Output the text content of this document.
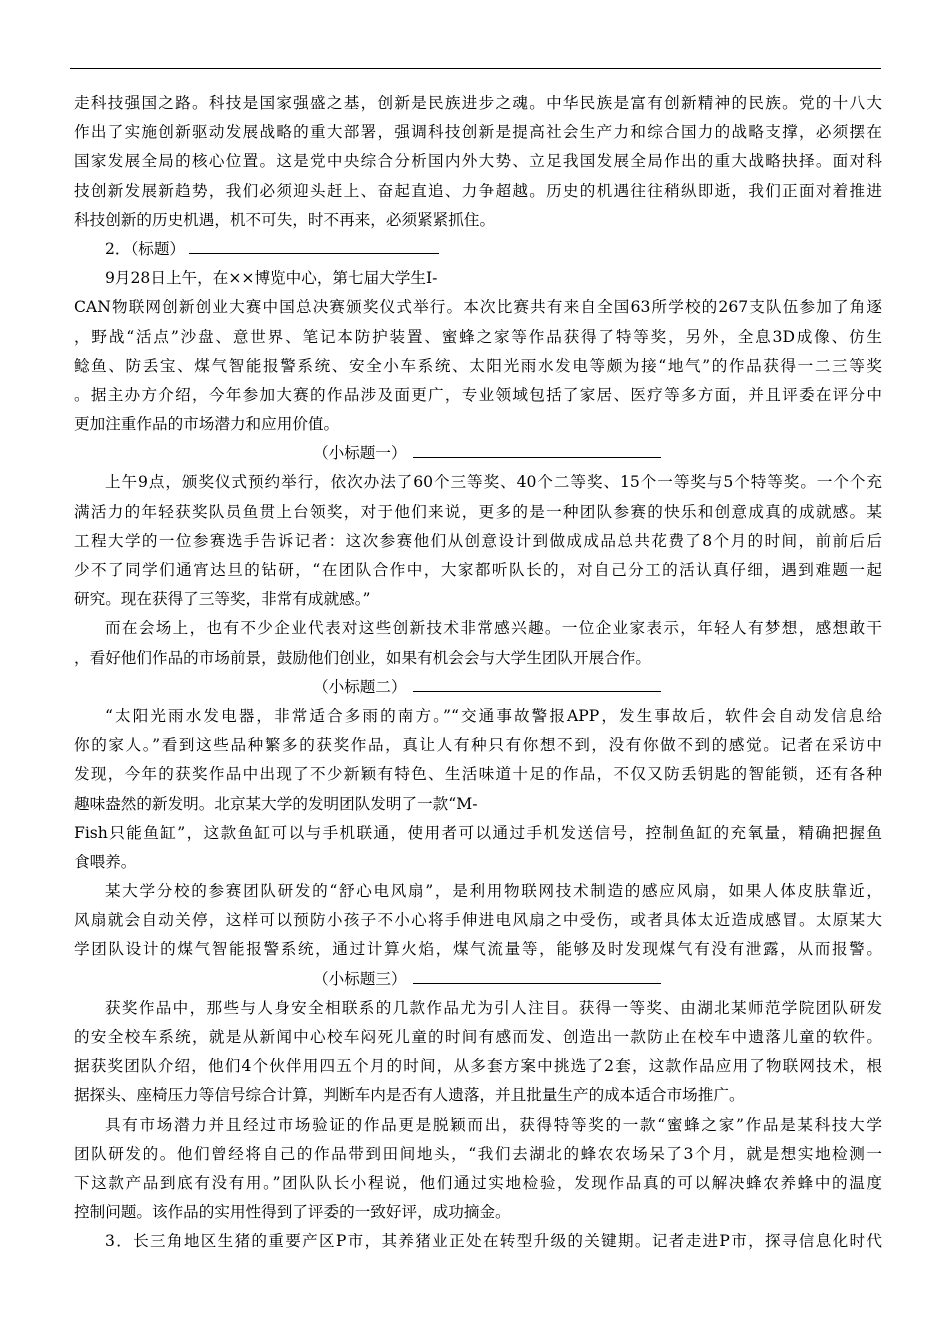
走科技强国之路。科技是国家强盛之基，创新是民族进步之魂。中华民族是富有创新精神的民族。党的十八大
作出了实施创新驱动发展战略的重大部署，强调科技创新是提高社会生产力和综合国力的战略支撑，必须摆在
国家发展全局的核心位置。这是党中央综合分析国内外大势、立足我国发展全局作出的重大战略抉择。面对科
技创新发展新趋势，我们必须迎头赶上、奋起直追、力争超越。历史的机遇往往稍纵即逝，我们正面对着推进
科技创新的历史机遇，机不可失，时不再来，必须紧紧抓住。
2．（标题）
9月28日上午，在××博览中心，第七届大学生I-
CAN物联网创新创业大赛中国总决赛颁奖仪式举行。本次比赛共有来自全国63所学校的267支队伍参加了角逐
，野战“活点”沙盘、意世界、笔记本防护装置、蜜蜂之家等作品获得了特等奖，另外，全息3D成像、仿生
鲶鱼、防丢宝、煤气智能报警系统、安全小车系统、太阳光雨水发电等颇为接“地气”的作品获得一二三等奖
。据主办方介绍，今年参加大赛的作品涉及面更广，专业领域包括了家居、医疗等多方面，并且评委在评分中
更加注重作品的市场潜力和应用价值。
（小标题一）
上午9点，颁奖仪式预约举行，依次办法了60个三等奖、40个二等奖、15个一等奖与5个特等奖。一个个充
满活力的年轻获奖队员鱼贯上台领奖，对于他们来说，更多的是一种团队参赛的快乐和创意成真的成就感。某
工程大学的一位参赛选手告诉记者：这次参赛他们从创意设计到做成成品总共花费了8个月的时间，前前后后
少不了同学们通宵达旦的钻研，“在团队合作中，大家都听队长的，对自己分工的活认真仔细，遇到难题一起
研究。现在获得了三等奖，非常有成就感。”
而在会场上，也有不少企业代表对这些创新技术非常感兴趣。一位企业家表示，年轻人有梦想，感想敢干
，看好他们作品的市场前景，鼓励他们创业，如果有机会会与大学生团队开展合作。
（小标题二）
“太阳光雨水发电器，非常适合多雨的南方。”“交通事故警报APP，发生事故后，软件会自动发信息给
你的家人。”看到这些品种繁多的获奖作品，真让人有种只有你想不到，没有你做不到的感觉。记者在采访中
发现，今年的获奖作品中出现了不少新颖有特色、生活味道十足的作品，不仅又防丢钥匙的智能锁，还有各种
趣味盎然的新发明。北京某大学的发明团队发明了一款“M-
Fish只能鱼缸”，这款鱼缸可以与手机联通，使用者可以通过手机发送信号，控制鱼缸的充氧量，精确把握鱼
食喂养。
某大学分校的参赛团队研发的“舒心电风扇”，是利用物联网技术制造的感应风扇，如果人体皮肤靠近，
风扇就会自动关停，这样可以预防小孩子不小心将手伸进电风扇之中受伤，或者具体太近造成感冒。太原某大
学团队设计的煤气智能报警系统，通过计算火焰，煤气流量等，能够及时发现煤气有没有泄露，从而报警。
（小标题三）
获奖作品中，那些与人身安全相联系的几款作品尤为引人注目。获得一等奖、由湖北某师范学院团队研发
的安全校车系统，就是从新闻中心校车闷死儿童的时间有感而发、创造出一款防止在校车中遗落儿童的软件。
据获奖团队介绍，他们4个伙伴用四五个月的时间，从多套方案中挑选了2套，这款作品应用了物联网技术，根
据探头、座椅压力等信号综合计算，判断车内是否有人遗落，并且批量生产的成本适合市场推广。
具有市场潜力并且经过市场验证的作品更是脱颖而出，获得特等奖的一款“蜜蜂之家”作品是某科技大学
团队研发的。他们曾经将自己的作品带到田间地头，“我们去湖北的蜂农农场呆了3个月，就是想实地检测一
下这款产品到底有没有用。”团队队长小程说，他们通过实地检验，发现作品真的可以解决蜂农养蜂中的温度
控制问题。该作品的实用性得到了评委的一致好评，成功摘金。
3．长三角地区生猪的重要产区P市，其养猪业正处在转型升级的关键期。记者走进P市，探寻信息化时代
